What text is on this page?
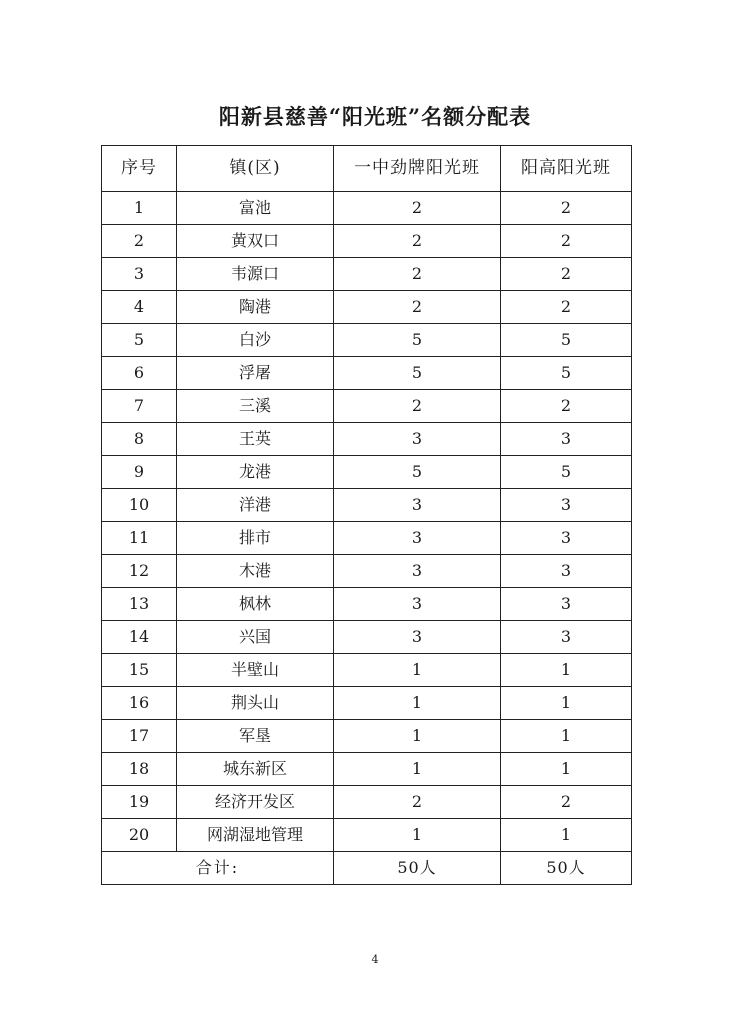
阳新县慈善“阳光班”名额分配表
序号	镇(区)	一中劲牌阳光班	阳高阳光班
1	富池	2	2
2	黄双口	2	2
3	韦源口	2	2
4	陶港	2	2
5	白沙	5	5
6	浮屠	5	5
7	三溪	2	2
8	王英	3	3
9	龙港	5	5
10	洋港	3	3
11	排市	3	3
12	木港	3	3
13	枫林	3	3
14	兴国	3	3
15	半壁山	1	1
16	荆头山	1	1
17	军垦	1	1
18	城东新区	1	1
19	经济开发区	2	2
20	网湖湿地管理	1	1
合计:		50人	50人
4
